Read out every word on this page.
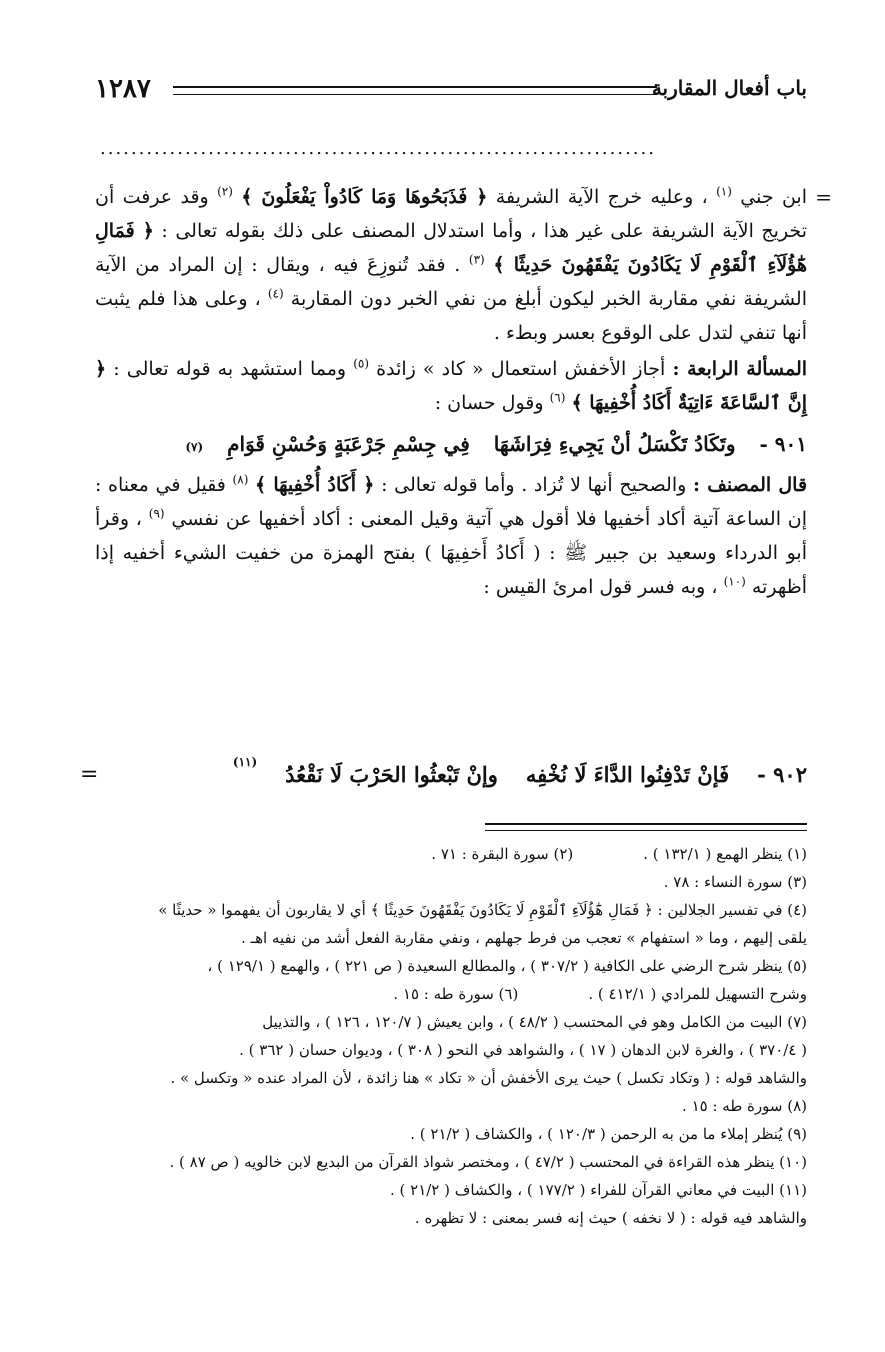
١٢٨٧	باب أفعال المقاربة
........................................................................

=
ابن جني $^{(١)}$ ، وعليه خرج الآية الشريفة ﴿ فَذَبَحُوهَا وَمَا كَادُواْ يَفْعَلُونَ ﴾ $^{(٢)}$ وقد عرفت أن تخريج الآية الشريفة على غير هذا ، وأما استدلال المصنف على ذلك بقوله تعالى : ﴿ فَمَالِ هَٰٓؤُلَآءِ ٱلْقَوْمِ لَا يَكَادُونَ يَفْقَهُونَ حَدِيثًا ﴾ $^{(٣)}$ . فقد تُنوزِعَ فيه ، ويقال : إن المراد من الآية الشريفة نفي مقاربة الخبر ليكون أبلغ من نفي الخبر دون المقاربة $^{(٤)}$ ، وعلى هذا فلم يثبت أنها تنفي لتدل على الوقوع بعسر وبطء .

المسألة الرابعة : أجاز الأخفش استعمال « كاد » زائدة $^{(٥)}$ ومما استشهد به قوله تعالى : ﴿ إِنَّ ٱلسَّاعَةَ ءَاتِيَةٌ أَكَادُ أُخْفِيهَا ﴾ $^{(٦)}$ وقول حسان :

٩٠١ -
وتَكَادُ تَكْسَلُ أنْ يَجِيءِ فِرَاشَهَا
فِي جِسْمِ جَرْعَبَةٍ وَحُسْنِ قَوَامِ
(٧)

قال المصنف : والصحيح أنها لا تُزاد . وأما قوله تعالى : ﴿ أَكَادُ أُخْفِيهَا ﴾ $^{(٨)}$ فقيل في معناه : إن الساعة آتية أكاد أخفيها فلا أقول هي آتية وقيل المعنى : أكاد أخفيها عن نفسي $^{(٩)}$ ، وقرأ أبو الدرداء وسعيد بن جبير ﷺ : ( أَكادُ أَخفِيهَا ) بفتح الهمزة من خفيت الشيء أخفيه إذا أظهرته $^{(١٠)}$ ، وبه فسر قول امرئ القيس :

=	٩٠٢ -
فَإنْ تَدْفِنُوا الدَّاءَ لَا نُخْفِه
وإنْ تَبْعثُوا الحَرْبَ لَا نَقْعُدُ
(١١)
(١) ينظر الهمع ( ١٣٢/١ ) .
(٢) سورة البقرة : ٧١ .
(٣) سورة النساء : ٧٨ .
(٤) في تفسير الجلالين : ﴿ فَمَالِ هَٰٓؤُلَآءِ ٱلْقَوْمِ لَا يَكَادُونَ يَفْقَهُونَ حَدِيثًا ﴾ أي لا يقاربون أن يفهموا « حديثًا »
يلقى إليهم ، وما « استفهام » تعجب من فرط جهلهم ، ونفي مقاربة الفعل أشد من نفيه اهـ .
(٥) ينظر شرح الرضي على الكافية ( ٣٠٧/٢ ) ، والمطالع السعيدة ( ص ٢٢١ ) ، والهمع ( ١٢٩/١ ) ،
وشرح التسهيل للمرادي ( ٤١٢/١ ) .
(٦) سورة طه : ١٥ .
(٧) البيت من الكامل وهو في المحتسب ( ٤٨/٢ ) ، وابن يعيش ( ١٢٠/٧ ، ١٢٦ ) ، والتذييل
( ٣٧٠/٤ ) ، والغرة لابن الدهان ( ١٧ ) ، والشواهد في النحو ( ٣٠٨ ) ، وديوان حسان ( ٣٦٢ ) .
والشاهد قوله : ( وتكاد تكسل ) حيث يرى الأخفش أن « تكاد » هنا زائدة ، لأن المراد عنده « وتكسل » .
(٨) سورة طه : ١٥ .
(٩) يُنظر إملاء ما من به الرحمن ( ١٢٠/٣ ) ، والكشاف ( ٢١/٢ ) .
(١٠) ينظر هذه القراءة في المحتسب ( ٤٧/٢ ) ، ومختصر شواذ القرآن من البديع لابن خالويه ( ص ٨٧ ) .
(١١) البيت في معاني القرآن للفراء ( ١٧٧/٢ ) ، والكشاف ( ٢١/٢ ) .
والشاهد فيه قوله : ( لا نخفه ) حيث إنه فسر بمعنى : لا تظهره .
